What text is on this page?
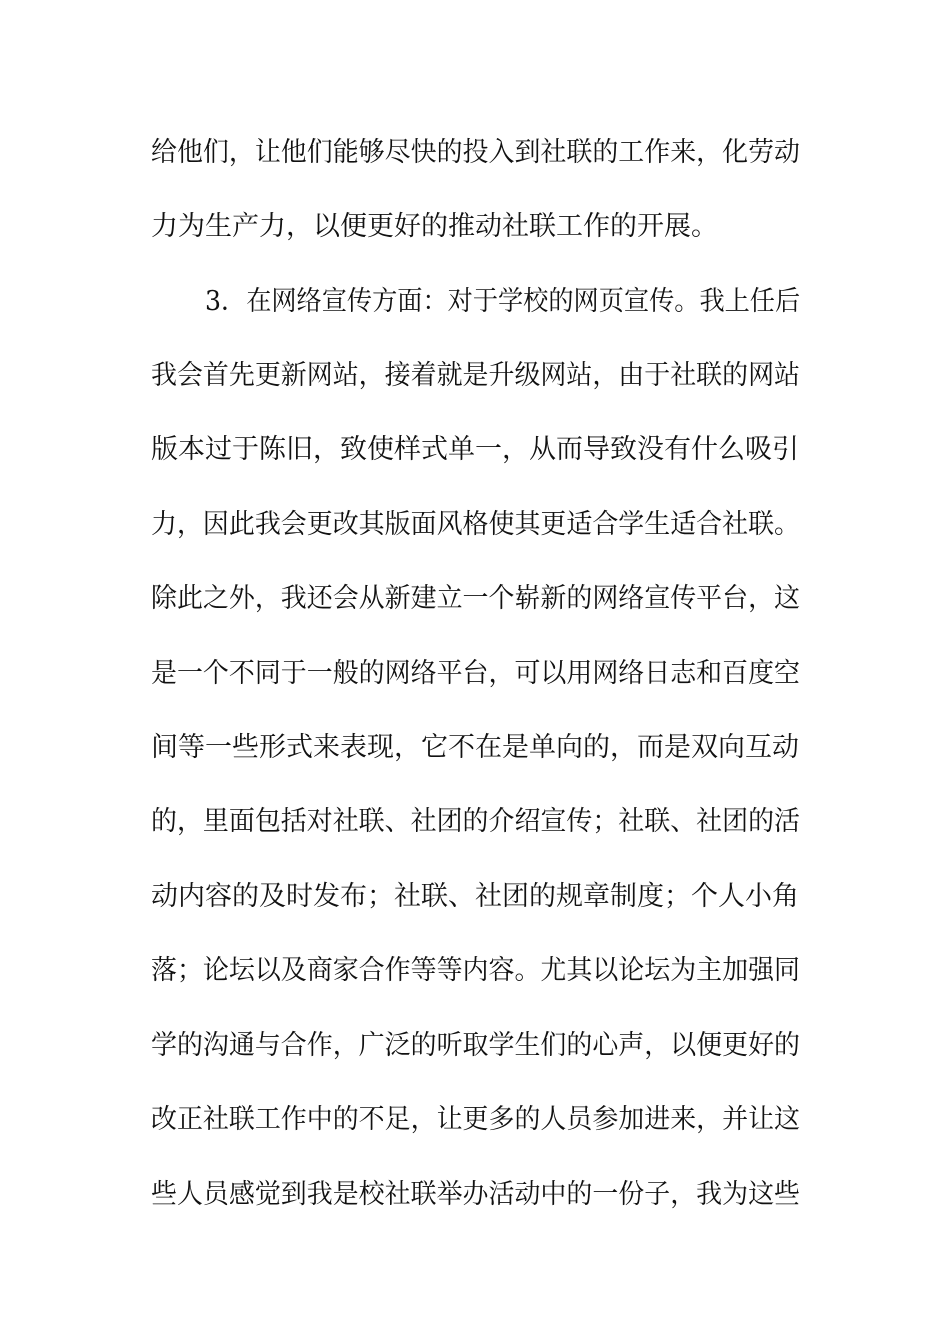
给他们，让他们能够尽快的投入到社联的工作来，化劳动
力为生产力，以便更好的推动社联工作的开展。
3．在网络宣传方面：对于学校的网页宣传。我上任后
我会首先更新网站，接着就是升级网站，由于社联的网站
版本过于陈旧，致使样式单一，从而导致没有什么吸引
力，因此我会更改其版面风格使其更适合学生适合社联。
除此之外，我还会从新建立一个崭新的网络宣传平台，这
是一个不同于一般的网络平台，可以用网络日志和百度空
间等一些形式来表现，它不在是单向的，而是双向互动
的，里面包括对社联、社团的介绍宣传；社联、社团的活
动内容的及时发布；社联、社团的规章制度；个人小角
落；论坛以及商家合作等等内容。尤其以论坛为主加强同
学的沟通与合作，广泛的听取学生们的心声，以便更好的
改正社联工作中的不足，让更多的人员参加进来，并让这
些人员感觉到我是校社联举办活动中的一份子，我为这些
